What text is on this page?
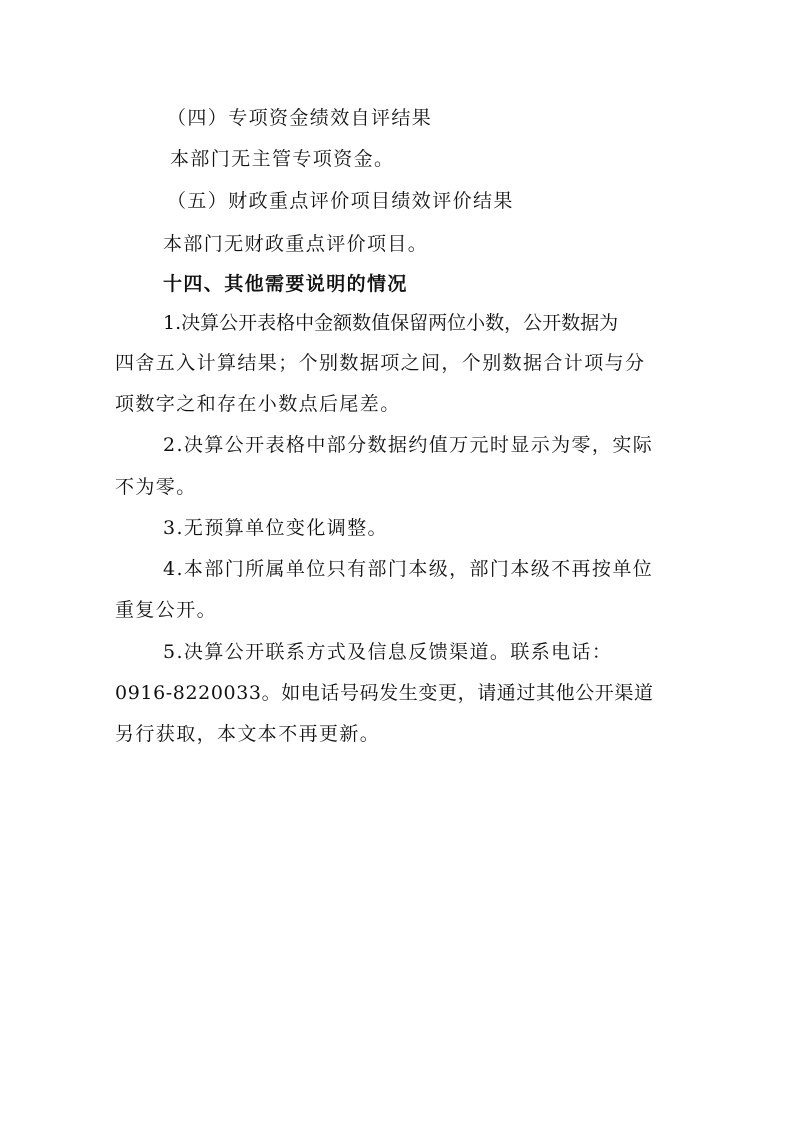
（四）专项资金绩效自评结果
本部门无主管专项资金。
（五）财政重点评价项目绩效评价结果
本部门无财政重点评价项目。
十四、其他需要说明的情况
1.决算公开表格中金额数值保留两位小数，公开数据为
四舍五入计算结果；个别数据项之间，个别数据合计项与分
项数字之和存在小数点后尾差。
2.决算公开表格中部分数据约值万元时显示为零，实际
不为零。
3.无预算单位变化调整。
4.本部门所属单位只有部门本级，部门本级不再按单位
重复公开。
5.决算公开联系方式及信息反馈渠道。联系电话：
0916-8220033。如电话号码发生变更，请通过其他公开渠道
另行获取，本文本不再更新。
